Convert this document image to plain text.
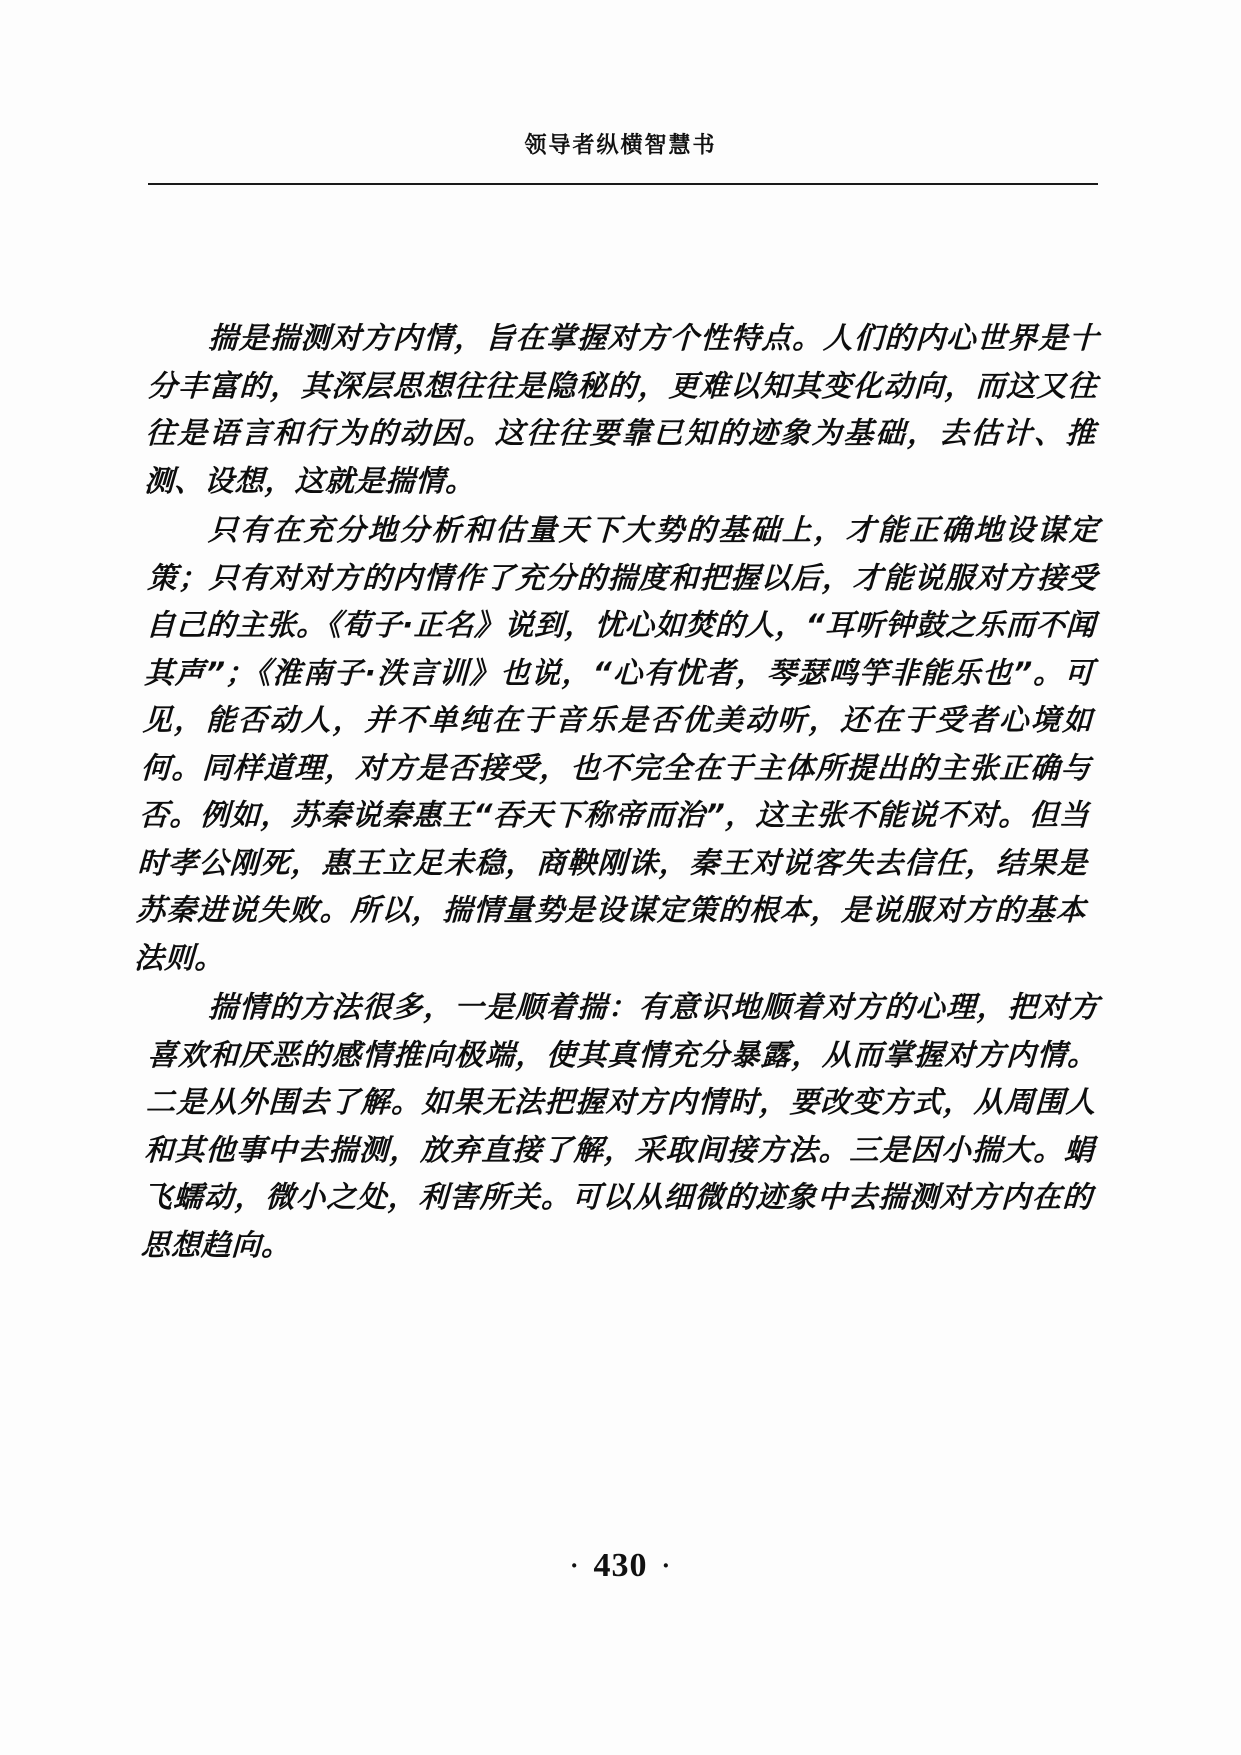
领导者纵横智慧书

揣是揣测对方内情，旨在掌握对方个性特点。人们的内心世界是十分丰富的，其深层思想往往是隐秘的，更难以知其变化动向，而这又往往是语言和行为的动因。这往往要靠已知的迹象为基础，去估计、推测、设想，这就是揣情。

只有在充分地分析和估量天下大势的基础上，才能正确地设谋定策；只有对对方的内情作了充分的揣度和把握以后，才能说服对方接受自己的主张。《荀子·正名》说到，忧心如焚的人，“耳听钟鼓之乐而不闻其声”；《淮南子·泆言训》也说，“心有忧者，琴瑟鸣竽非能乐也”。可见，能否动人，并不单纯在于音乐是否优美动听，还在于受者心境如何。同样道理，对方是否接受，也不完全在于主体所提出的主张正确与否。例如，苏秦说秦惠王“吞天下称帝而治”，这主张不能说不对。但当时孝公刚死，惠王立足未稳，商鞅刚诛，秦王对说客失去信任，结果是苏秦进说失败。所以，揣情量势是设谋定策的根本，是说服对方的基本法则。

揣情的方法很多，一是顺着揣：有意识地顺着对方的心理，把对方喜欢和厌恶的感情推向极端，使其真情充分暴露，从而掌握对方内情。二是从外围去了解。如果无法把握对方内情时，要改变方式，从周围人和其他事中去揣测，放弃直接了解，采取间接方法。三是因小揣大。蜎飞蠕动，微小之处，利害所关。可以从细微的迹象中去揣测对方内在的思想趋向。

· 430 ·
